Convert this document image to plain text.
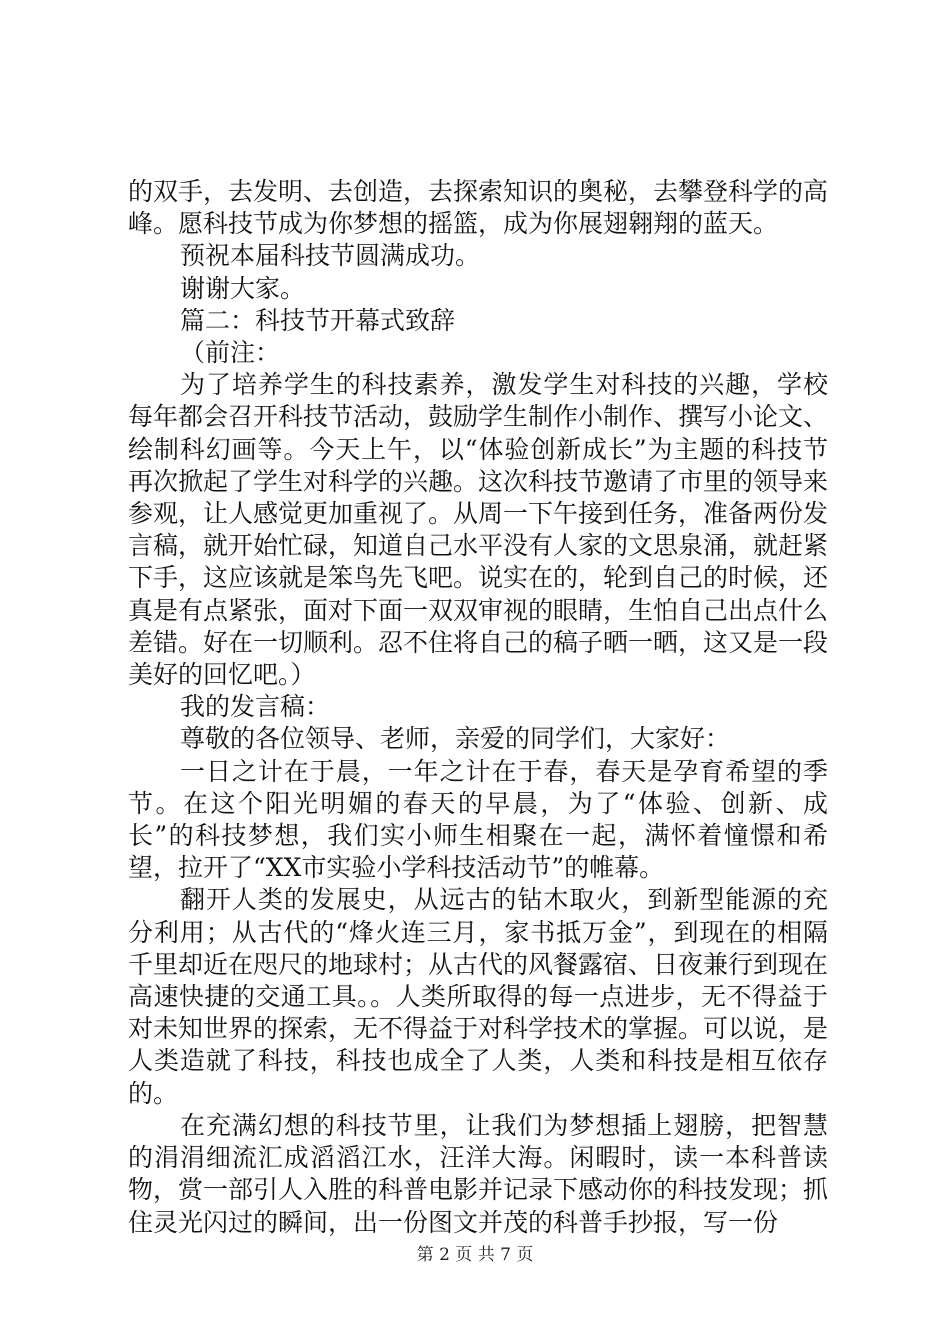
的双手，去发明、去创造，去探索知识的奥秘，去攀登科学的高峰。愿科技节成为你梦想的摇篮，成为你展翅翱翔的蓝天。

预祝本届科技节圆满成功。

谢谢大家。

篇二：科技节开幕式致辞

（前注：

为了培养学生的科技素养，激发学生对科技的兴趣，学校每年都会召开科技节活动，鼓励学生制作小制作、撰写小论文、绘制科幻画等。今天上午，以“体验创新成长”为主题的科技节再次掀起了学生对科学的兴趣。这次科技节邀请了市里的领导来参观，让人感觉更加重视了。从周一下午接到任务，准备两份发言稿，就开始忙碌，知道自己水平没有人家的文思泉涌，就赶紧下手，这应该就是笨鸟先飞吧。说实在的，轮到自己的时候，还真是有点紧张，面对下面一双双审视的眼睛，生怕自己出点什么差错。好在一切顺利。忍不住将自己的稿子晒一晒，这又是一段美好的回忆吧。）

我的发言稿：

尊敬的各位领导、老师，亲爱的同学们，大家好：

一日之计在于晨，一年之计在于春，春天是孕育希望的季节。在这个阳光明媚的春天的早晨，为了“体验、创新、成长”的科技梦想，我们实小师生相聚在一起，满怀着憧憬和希望，拉开了“XX市实验小学科技活动节”的帷幕。

翻开人类的发展史，从远古的钻木取火，到新型能源的充分利用；从古代的“烽火连三月，家书抵万金”，到现在的相隔千里却近在咫尺的地球村；从古代的风餐露宿、日夜兼行到现在高速快捷的交通工具。。人类所取得的每一点进步，无不得益于对未知世界的探索，无不得益于对科学技术的掌握。可以说，是人类造就了科技，科技也成全了人类，人类和科技是相互依存的。

在充满幻想的科技节里，让我们为梦想插上翅膀，把智慧的涓涓细流汇成滔滔江水，汪洋大海。闲暇时，读一本科普读物，赏一部引人入胜的科普电影并记录下感动你的科技发现；抓住灵光闪过的瞬间，出一份图文并茂的科普手抄报，写一份

第 2 页 共 7 页
